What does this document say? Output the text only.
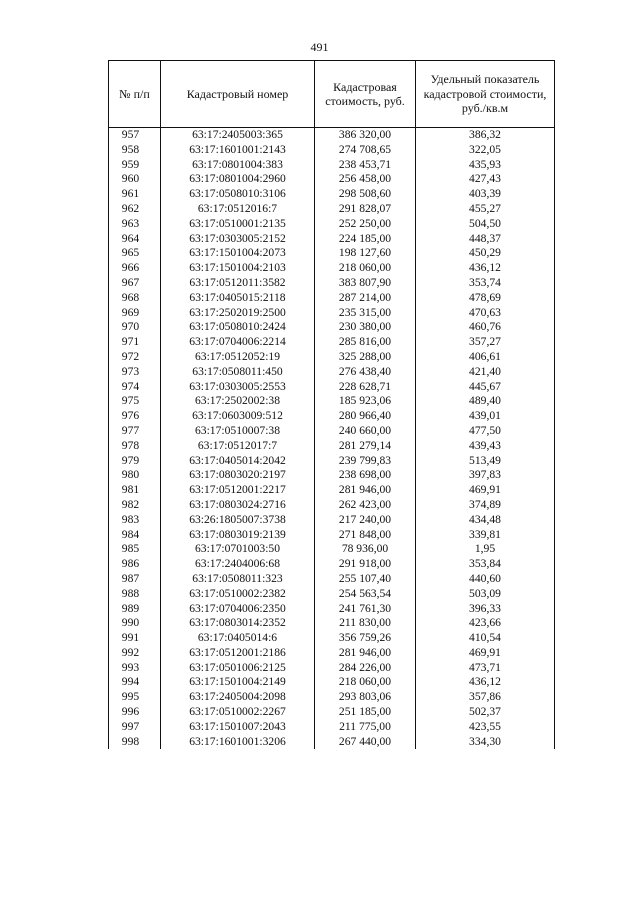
491
№ п/п	Кадастровый номер	Кадастровая стоимость, руб.	Удельный показатель кадастровой стоимости, руб./кв.м
957	63:17:2405003:365	386 320,00	386,32
958	63:17:1601001:2143	274 708,65	322,05
959	63:17:0801004:383	238 453,71	435,93
960	63:17:0801004:2960	256 458,00	427,43
961	63:17:0508010:3106	298 508,60	403,39
962	63:17:0512016:7	291 828,07	455,27
963	63:17:0510001:2135	252 250,00	504,50
964	63:17:0303005:2152	224 185,00	448,37
965	63:17:1501004:2073	198 127,60	450,29
966	63:17:1501004:2103	218 060,00	436,12
967	63:17:0512011:3582	383 807,90	353,74
968	63:17:0405015:2118	287 214,00	478,69
969	63:17:2502019:2500	235 315,00	470,63
970	63:17:0508010:2424	230 380,00	460,76
971	63:17:0704006:2214	285 816,00	357,27
972	63:17:0512052:19	325 288,00	406,61
973	63:17:0508011:450	276 438,40	421,40
974	63:17:0303005:2553	228 628,71	445,67
975	63:17:2502002:38	185 923,06	489,40
976	63:17:0603009:512	280 966,40	439,01
977	63:17:0510007:38	240 660,00	477,50
978	63:17:0512017:7	281 279,14	439,43
979	63:17:0405014:2042	239 799,83	513,49
980	63:17:0803020:2197	238 698,00	397,83
981	63:17:0512001:2217	281 946,00	469,91
982	63:17:0803024:2716	262 423,00	374,89
983	63:26:1805007:3738	217 240,00	434,48
984	63:17:0803019:2139	271 848,00	339,81
985	63:17:0701003:50	78 936,00	1,95
986	63:17:2404006:68	291 918,00	353,84
987	63:17:0508011:323	255 107,40	440,60
988	63:17:0510002:2382	254 563,54	503,09
989	63:17:0704006:2350	241 761,30	396,33
990	63:17:0803014:2352	211 830,00	423,66
991	63:17:0405014:6	356 759,26	410,54
992	63:17:0512001:2186	281 946,00	469,91
993	63:17:0501006:2125	284 226,00	473,71
994	63:17:1501004:2149	218 060,00	436,12
995	63:17:2405004:2098	293 803,06	357,86
996	63:17:0510002:2267	251 185,00	502,37
997	63:17:1501007:2043	211 775,00	423,55
998	63:17:1601001:3206	267 440,00	334,30
